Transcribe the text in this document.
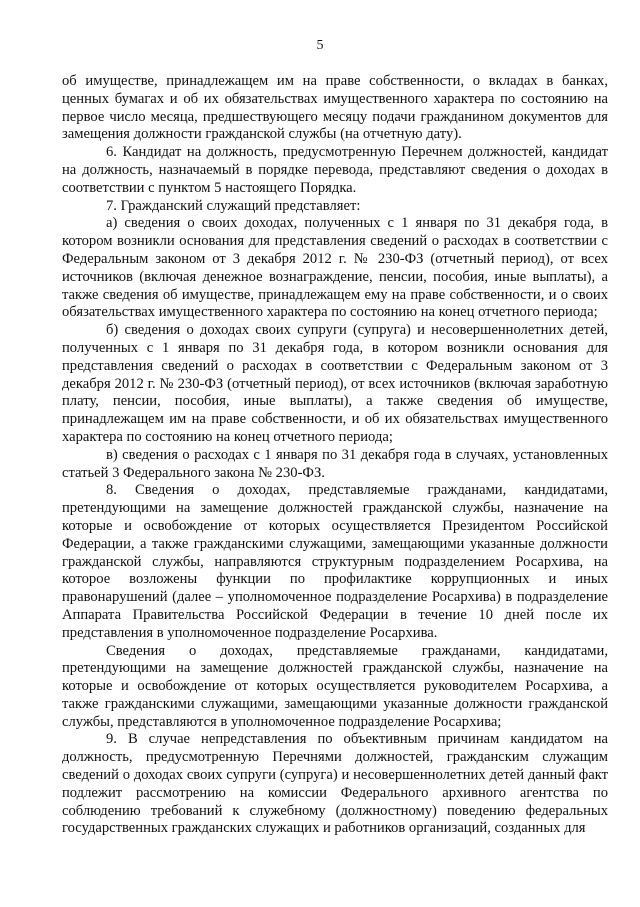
5

об имуществе, принадлежащем им на праве собственности, о вкладах в банках, ценных бумагах и об их обязательствах имущественного характера по состоянию на первое число месяца, предшествующего месяцу подачи гражданином документов для замещения должности гражданской службы (на отчетную дату).

6. Кандидат на должность, предусмотренную Перечнем должностей, кандидат на должность, назначаемый в порядке перевода, представляют сведения о доходах в соответствии с пунктом 5 настоящего Порядка.

7. Гражданский служащий представляет:

а) сведения о своих доходах, полученных с 1 января по 31 декабря года, в котором возникли основания для представления сведений о расходах в соответствии с Федеральным законом от 3 декабря 2012 г. № 230-ФЗ (отчетный период), от всех источников (включая денежное вознаграждение, пенсии, пособия, иные выплаты), а также сведения об имуществе, принадлежащем ему на праве собственности, и о своих обязательствах имущественного характера по состоянию на конец отчетного периода;

б) сведения о доходах своих супруги (супруга) и несовершеннолетних детей, полученных с 1 января по 31 декабря года, в котором возникли основания для представления сведений о расходах в соответствии с Федеральным законом от 3 декабря 2012 г. № 230-ФЗ (отчетный период), от всех источников (включая заработную плату, пенсии, пособия, иные выплаты), а также сведения об имуществе, принадлежащем им на праве собственности, и об их обязательствах имущественного характера по состоянию на конец отчетного периода;

в) сведения о расходах с 1 января по 31 декабря года в случаях, установленных статьей 3 Федерального закона № 230-ФЗ.

8. Сведения о доходах, представляемые гражданами, кандидатами, претендующими на замещение должностей гражданской службы, назначение на которые и освобождение от которых осуществляется Президентом Российской Федерации, а также гражданскими служащими, замещающими указанные должности гражданской службы, направляются структурным подразделением Росархива, на которое возложены функции по профилактике коррупционных и иных правонарушений (далее – уполномоченное подразделение Росархива) в подразделение Аппарата Правительства Российской Федерации в течение 10 дней после их представления в уполномоченное подразделение Росархива.

Сведения о доходах, представляемые гражданами, кандидатами, претендующими на замещение должностей гражданской службы, назначение на которые и освобождение от которых осуществляется руководителем Росархива, а также гражданскими служащими, замещающими указанные должности гражданской службы, представляются в уполномоченное подразделение Росархива;

9. В случае непредставления по объективным причинам кандидатом на должность, предусмотренную Перечнями должностей, гражданским служащим сведений о доходах своих супруги (супруга) и несовершеннолетних детей данный факт подлежит рассмотрению на комиссии Федерального архивного агентства по соблюдению требований к служебному (должностному) поведению федеральных государственных гражданских служащих и работников организаций, созданных для
